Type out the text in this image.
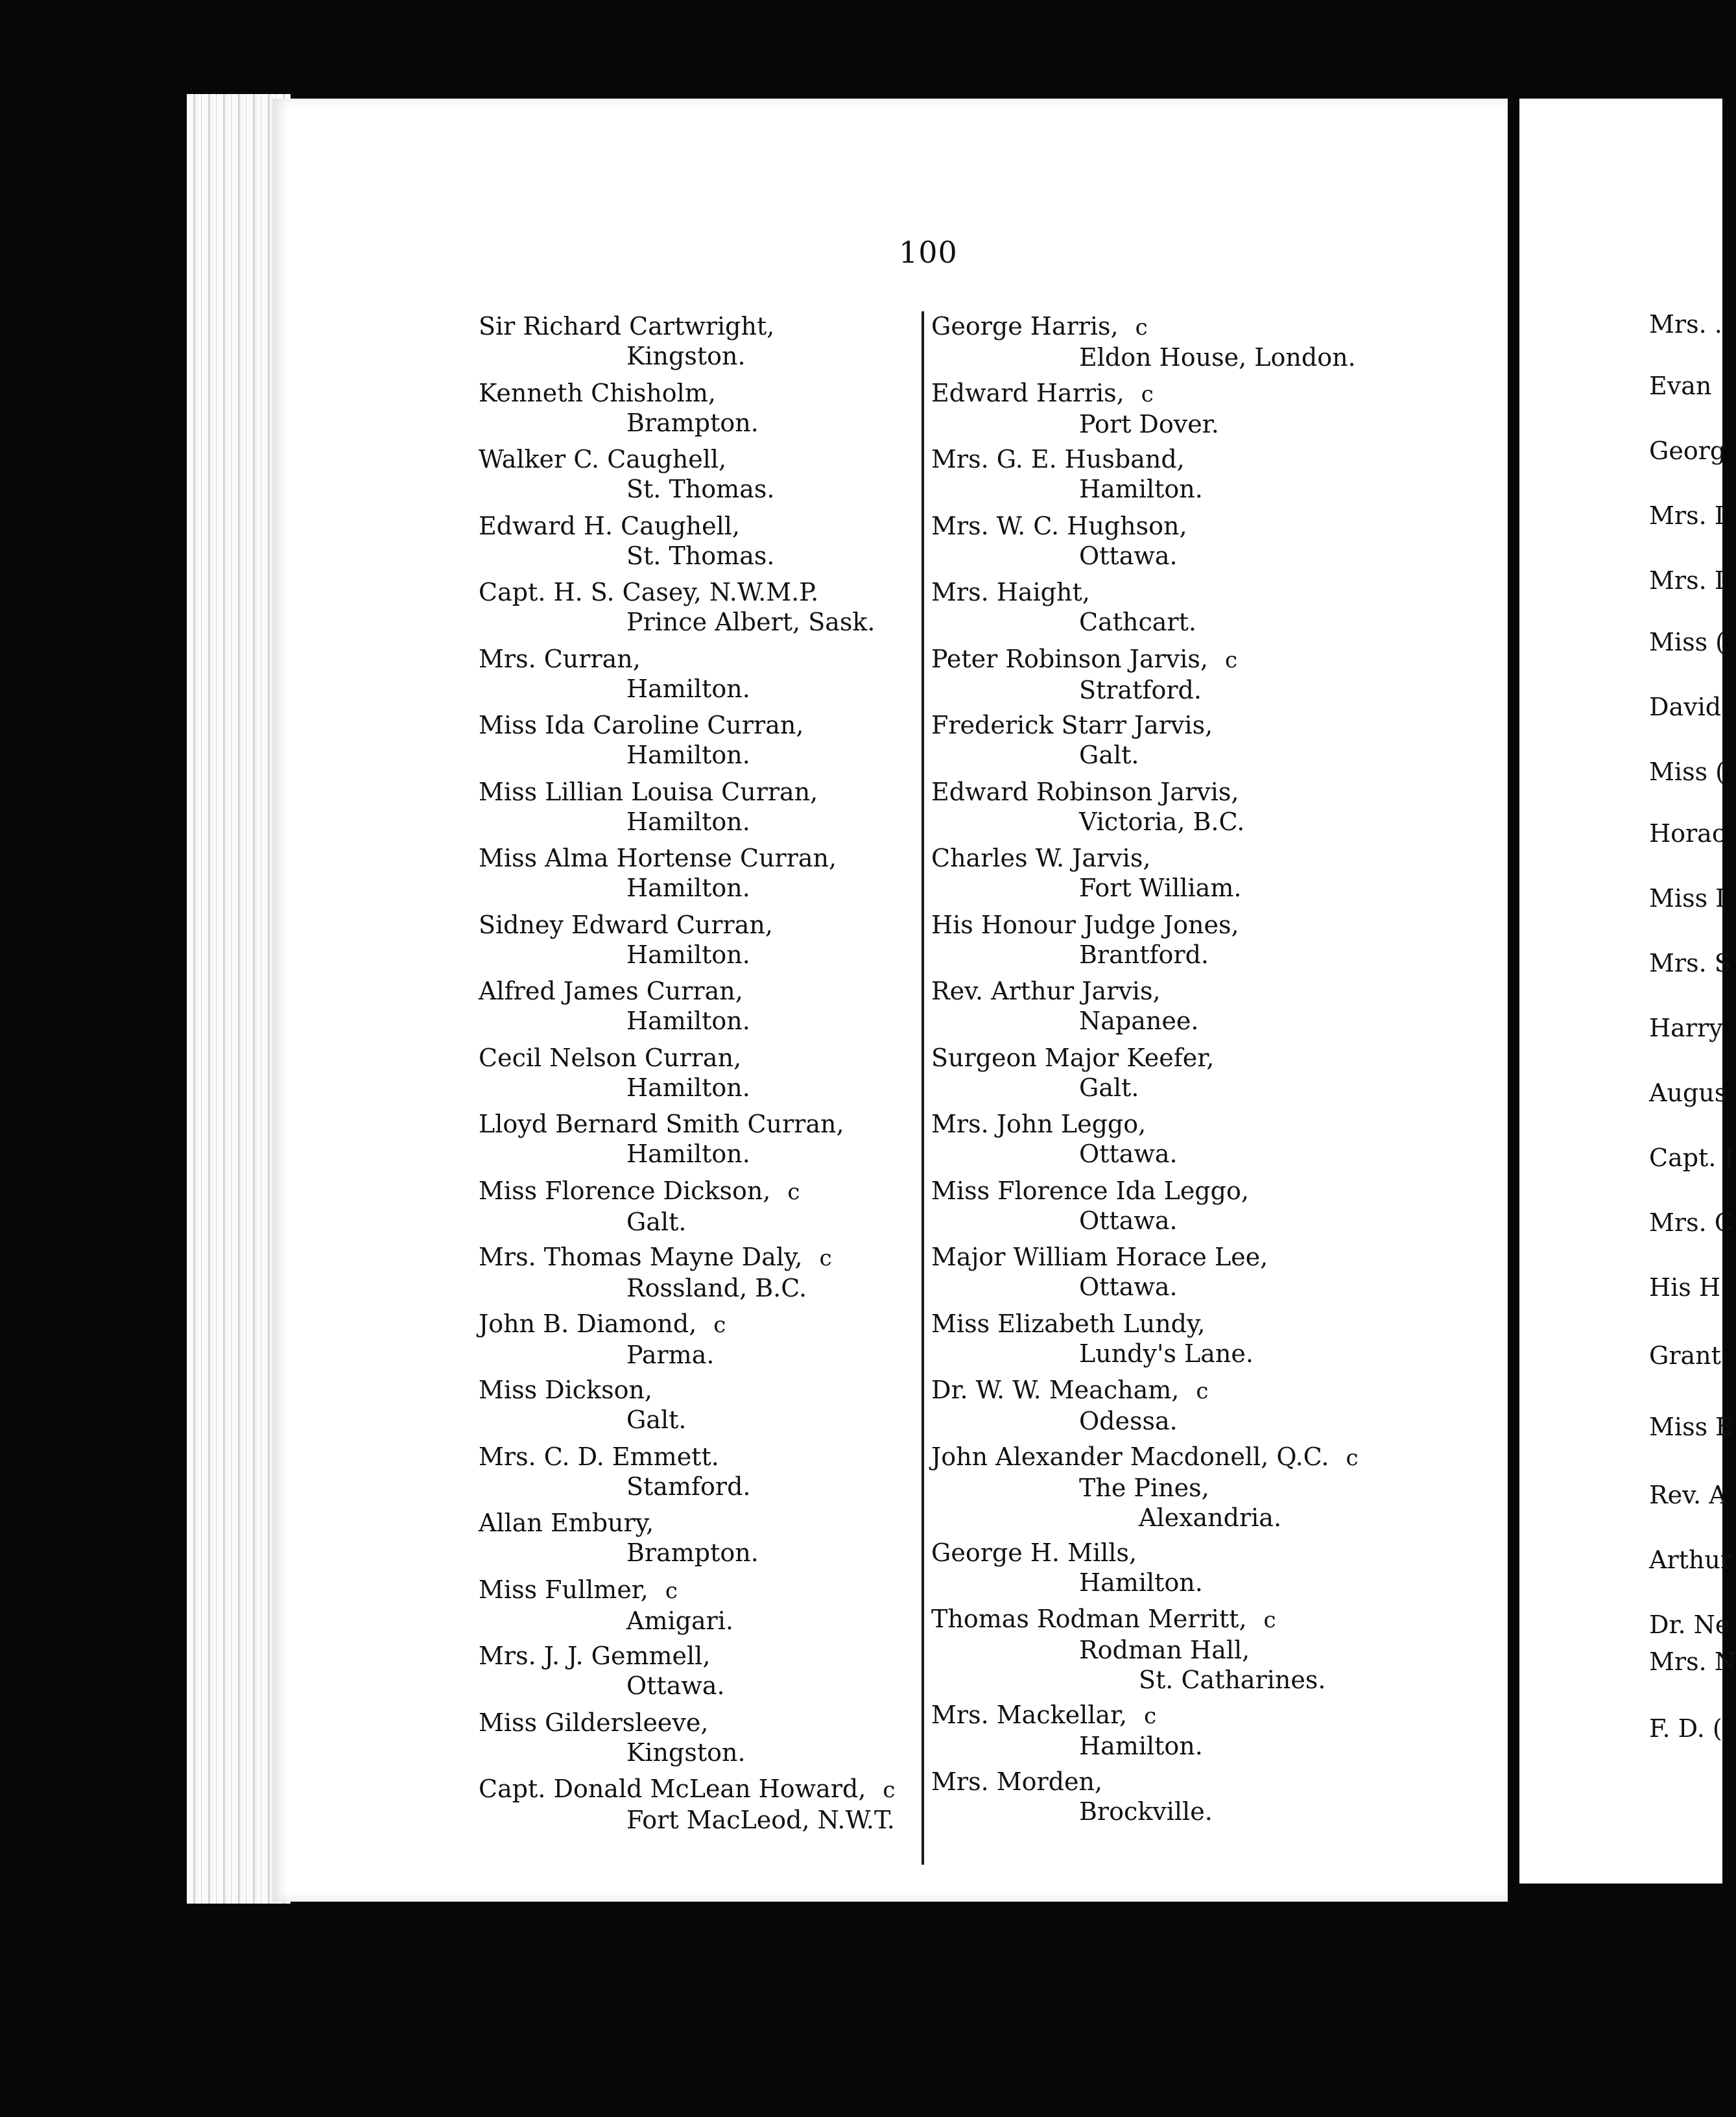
100
Sir Richard Cartwright,
Kingston.
Kenneth Chisholm,
Brampton.
Walker C. Caughell,
St. Thomas.
Edward H. Caughell,
St. Thomas.
Capt. H. S. Casey, N.W.M.P.
Prince Albert, Sask.
Mrs. Curran,
Hamilton.
Miss Ida Caroline Curran,
Hamilton.
Miss Lillian Louisa Curran,
Hamilton.
Miss Alma Hortense Curran,
Hamilton.
Sidney Edward Curran,
Hamilton.
Alfred James Curran,
Hamilton.
Cecil Nelson Curran,
Hamilton.
Lloyd Bernard Smith Curran,
Hamilton.
Miss Florence Dickson, c
Galt.
Mrs. Thomas Mayne Daly, c
Rossland, B.C.
John B. Diamond, c
Parma.
Miss Dickson,
Galt.
Mrs. C. D. Emmett.
Stamford.
Allan Embury,
Brampton.
Miss Fullmer, c
Amigari.
Mrs. J. J. Gemmell,
Ottawa.
Miss Gildersleeve,
Kingston.
Capt. Donald McLean Howard, c
Fort MacLeod, N.W.T.
George Harris, c
Eldon House, London.
Edward Harris, c
Port Dover.
Mrs. G. E. Husband,
Hamilton.
Mrs. W. C. Hughson,
Ottawa.
Mrs. Haight,
Cathcart.
Peter Robinson Jarvis, c
Stratford.
Frederick Starr Jarvis,
Galt.
Edward Robinson Jarvis,
Victoria, B.C.
Charles W. Jarvis,
Fort William.
His Honour Judge Jones,
Brantford.
Rev. Arthur Jarvis,
Napanee.
Surgeon Major Keefer,
Galt.
Mrs. John Leggo,
Ottawa.
Miss Florence Ida Leggo,
Ottawa.
Major William Horace Lee,
Ottawa.
Miss Elizabeth Lundy,
Lundy's Lane.
Dr. W. W. Meacham, c
Odessa.
John Alexander Macdonell, Q.C. c
The Pines,
Alexandria.
George H. Mills,
Hamilton.
Thomas Rodman Merritt, c
Rodman Hall,
St. Catharines.
Mrs. Mackellar, c
Hamilton.
Mrs. Morden,
Brockville.
Mrs. .
Evan
Georg
Mrs. I
Mrs. I
Miss (
David
Miss (
Horac
Miss I
Mrs. S
Harry
Augus
Capt. I
Mrs. C
His H
Grant
Miss E
Rev. A
Arthur
Dr. Ne
Mrs. N
F. D. (
